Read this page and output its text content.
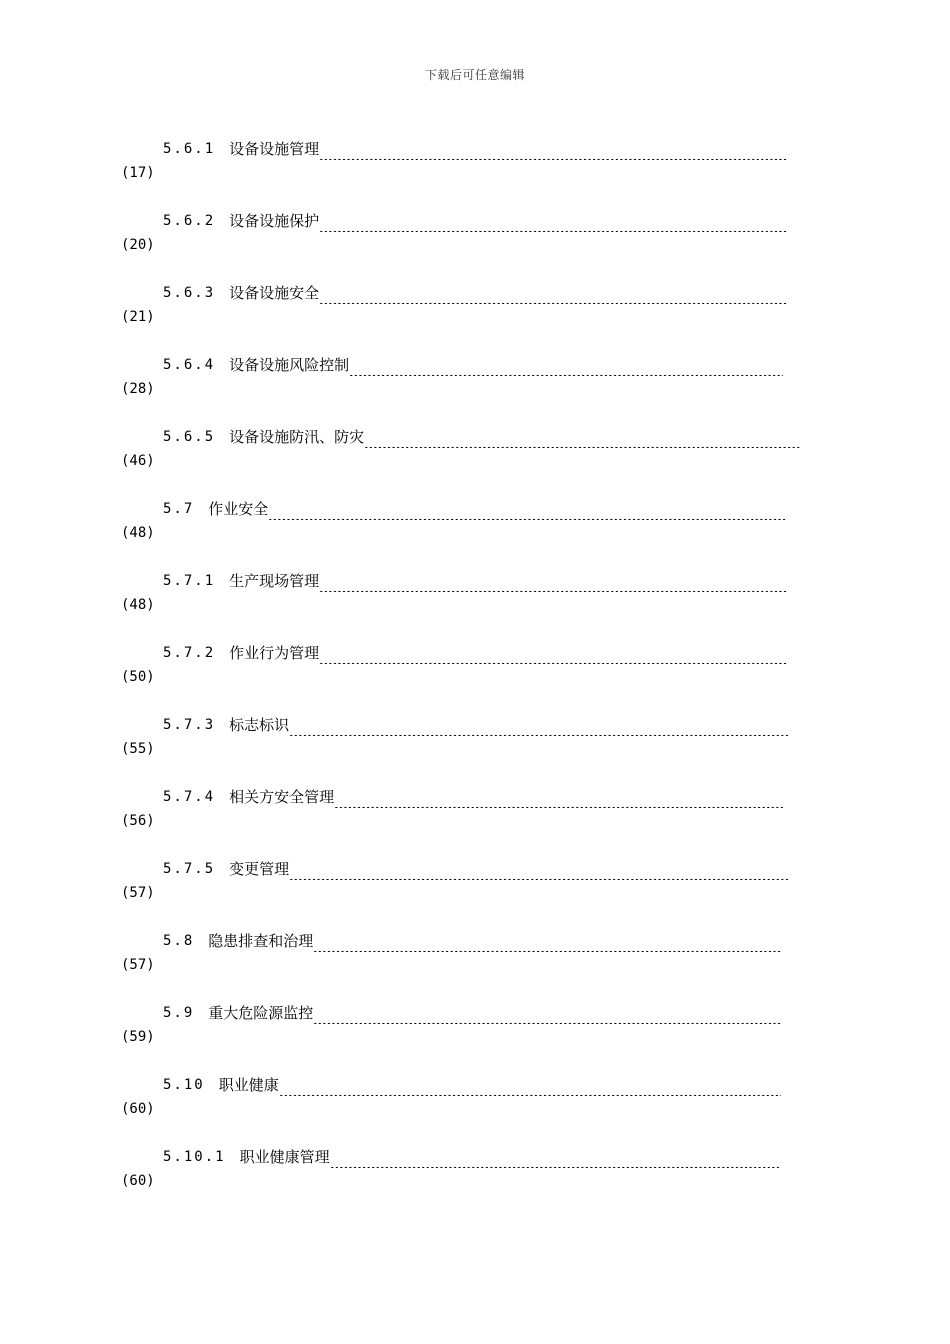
下载后可任意编辑
5.6.1 设备设施管理
(17)
5.6.2 设备设施保护
(20)
5.6.3 设备设施安全
(21)
5.6.4 设备设施风险控制
(28)
5.6.5 设备设施防汛、防灾
(46)
5.7 作业安全
(48)
5.7.1 生产现场管理
(48)
5.7.2 作业行为管理
(50)
5.7.3 标志标识
(55)
5.7.4 相关方安全管理
(56)
5.7.5 变更管理
(57)
5.8 隐患排查和治理
(57)
5.9 重大危险源监控
(59)
5.10 职业健康
(60)
5.10.1 职业健康管理
(60)
